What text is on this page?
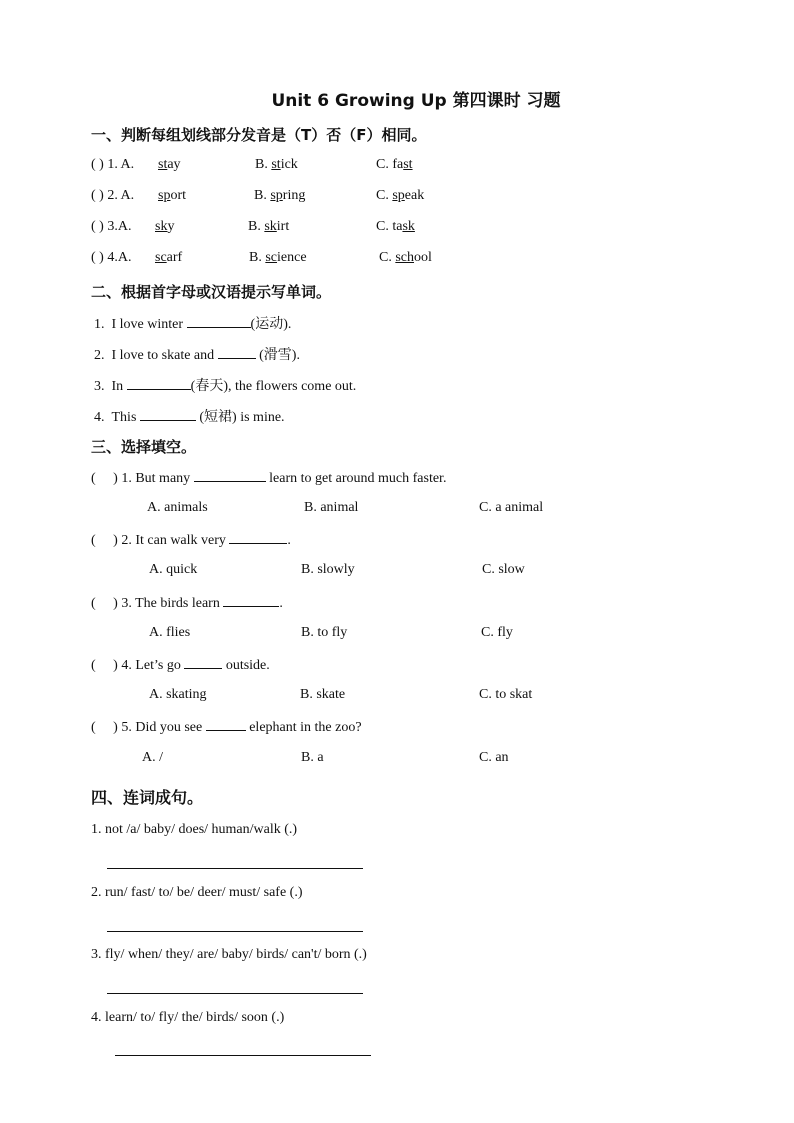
Unit 6 Growing Up 第四课时 习题
一、判断每组划线部分发音是（T）否（F）相同。
( ) 1. A. stay	B. stick	C. fast
( ) 2. A. sport	B. spring	C. speak
( ) 3.A. sky	B. skirt	C. task
( ) 4.A. scarf	B. science	C. school
二、根据首字母或汉语提示写单词。
1. I love winter	(运动).
2. I love to skate and	(滑雪).
3. In	(春天), the flowers come out.
4. This	(短裙) is mine.
三、选择填空。
(     ) 1. But many	learn to get around much faster.
A. animals	B. animal	C. a animal
(     ) 2. It can walk very	.
A. quick	B. slowly	C. slow
(     ) 3. The birds learn	.
A. flies	B. to fly	C. fly
(     ) 4. Let’s go	outside.
A. skating	B. skate	C. to skat
(     ) 5. Did you see	elephant in the zoo?
A. /	B. a	C. an
四、连词成句。
1. not /a/ baby/ does/ human/walk (.)
2. run/ fast/ to/ be/ deer/ must/ safe (.)
3. fly/ when/ they/ are/ baby/ birds/ can't/ born (.)
4. learn/ to/ fly/ the/ birds/ soon (.)
